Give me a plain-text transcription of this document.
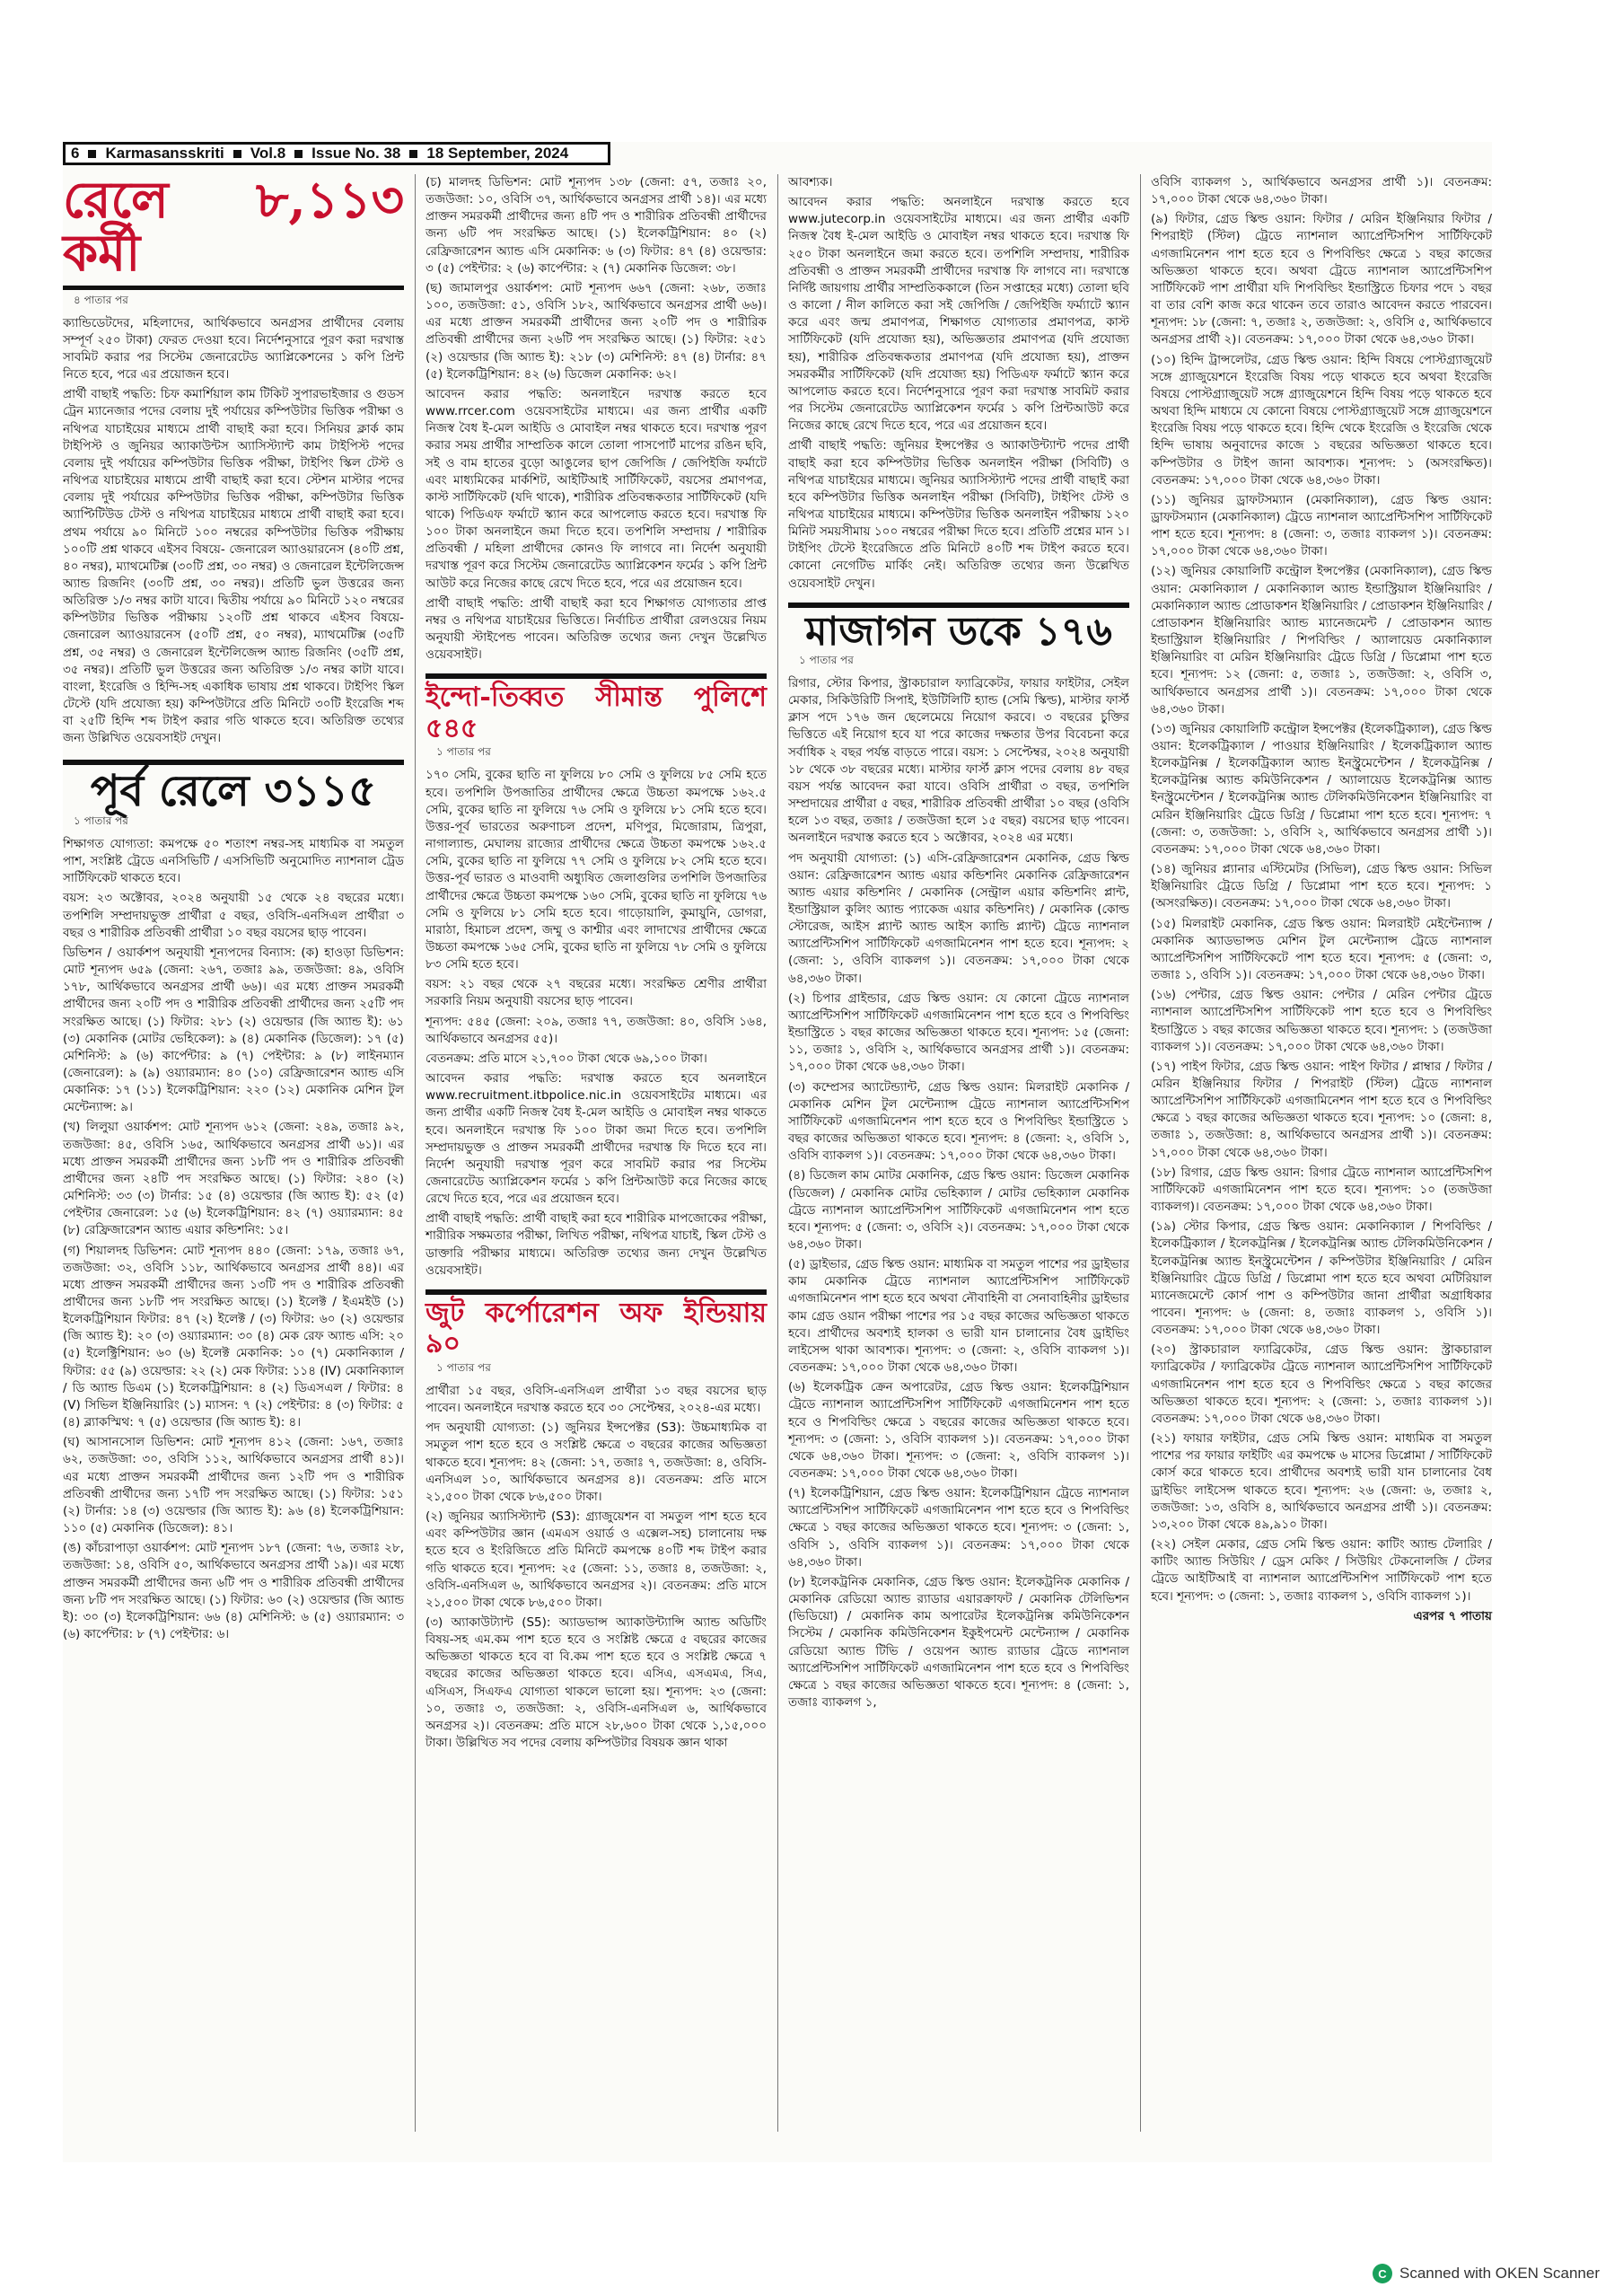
6 Karmasansskriti Vol.8 Issue No. 38 18 September, 2024
রেলে ৮,১১৩ কর্মী
৪ পাতার পর

ক্যান্ডিডেটদের, মহিলাদের, আর্থিকভাবে অনগ্রসর প্রার্থীদের বেলায় সম্পূর্ণ ২৫০ টাকা) ফেরত দেওয়া হবে। নির্দেশনুসারে পূরণ করা দরখাস্ত সাবমিট করার পর সিস্টেম জেনারেটেড অ্যাপ্লিকেশনের ১ কপি প্রিন্ট নিতে হবে, পরে এর প্রয়োজন হবে।

প্রার্থী বাছাই পদ্ধতি: চিফ কমার্শিয়াল কাম টিকিট সুপারভাইজার ও গুডস ট্রেন ম্যানেজার পদের বেলায় দুই পর্যায়ের কম্পিউটার ভিত্তিক পরীক্ষা ও নথিপত্র যাচাইয়ের মাধ্যমে প্রার্থী বাছাই করা হবে। সিনিয়র ক্লার্ক কাম টাইপিস্ট ও জুনিয়র অ্যাকাউন্টস অ্যাসিস্ট্যান্ট কাম টাইপিস্ট পদের বেলায় দুই পর্যায়ের কম্পিউটার ভিত্তিক পরীক্ষা, টাইপিং স্কিল টেস্ট ও নথিপত্র যাচাইয়ের মাধ্যমে প্রার্থী বাছাই করা হবে। স্টেশন মাস্টার পদের বেলায় দুই পর্যায়ের কম্পিউটার ভিত্তিক পরীক্ষা, কম্পিউটার ভিত্তিক অ্যাপ্টিটিউড টেস্ট ও নথিপত্র যাচাইয়ের মাধ্যমে প্রার্থী বাছাই করা হবে। প্রথম পর্যায়ে ৯০ মিনিটে ১০০ নম্বরের কম্পিউটার ভিত্তিক পরীক্ষায় ১০০টি প্রশ্ন থাকবে এইসব বিষয়ে- জেনারেল অ্যাওয়ারনেস (৪০টি প্রশ্ন, ৪০ নম্বর), ম্যাথমেটিক্স (৩০টি প্রশ্ন, ৩০ নম্বর) ও জেনারেল ইন্টেলিজেন্স অ্যান্ড রিজনিং (৩০টি প্রশ্ন, ৩০ নম্বর)। প্রতিটি ভুল উত্তরের জন্য অতিরিক্ত ১/৩ নম্বর কাটা যাবে। দ্বিতীয় পর্যায়ে ৯০ মিনিটে ১২০ নম্বরের কম্পিউটার ভিত্তিক পরীক্ষায় ১২০টি প্রশ্ন থাকবে এইসব বিষয়ে- জেনারেল অ্যাওয়ারনেস (৫০টি প্রশ্ন, ৫০ নম্বর), ম্যাথমেটিক্স (৩৫টি প্রশ্ন, ৩৫ নম্বর) ও জেনারেল ইন্টেলিজেন্স অ্যান্ড রিজনিং (৩৫টি প্রশ্ন, ৩৫ নম্বর)। প্রতিটি ভুল উত্তরের জন্য অতিরিক্ত ১/৩ নম্বর কাটা যাবে। বাংলা, ইংরেজি ও হিন্দি-সহ একাধিক ভাষায় প্রশ্ন থাকবে। টাইপিং স্কিল টেস্টে (যদি প্রযোজ্য হয়) কম্পিউটারে প্রতি মিনিটে ৩০টি ইংরেজি শব্দ বা ২৫টি হিন্দি শব্দ টাইপ করার গতি থাকতে হবে। অতিরিক্ত তথ্যের জন্য উল্লিখিত ওয়েবসাইট দেখুন।

পূর্ব রেলে ৩১১৫
১ পাতার পর

শিক্ষাগত যোগ্যতা: কমপক্ষে ৫০ শতাংশ নম্বর-সহ মাধ্যমিক বা সমতুল পাশ, সংশ্লিষ্ট ট্রেডে এনসিভিটি / এসসিভিটি অনুমোদিত ন্যাশনাল ট্রেড সার্টিফিকেট থাকতে হবে।

বয়স: ২৩ অক্টোবর, ২০২৪ অনুযায়ী ১৫ থেকে ২৪ বছরের মধ্যে। তপশিলি সম্প্রদায়ভুক্ত প্রার্থীরা ৫ বছর, ওবিসি-এনসিএল প্রার্থীরা ৩ বছর ও শারীরিক প্রতিবন্ধী প্রার্থীরা ১০ বছর বয়সের ছাড় পাবেন।

ডিভিশন / ওয়ার্কশপ অনুযায়ী শূন্যপদের বিন্যাস: (ক) হাওড়া ডিভিশন: মোট শূন্যপদ ৬৫৯ (জেনা: ২৬৭, তজাঃ ৯৯, তজউজা: ৪৯, ওবিসি ১৭৮, আর্থিকভাবে অনগ্রসর প্রার্থী ৬৬)। এর মধ্যে প্রাক্তন সমরকর্মী প্রার্থীদের জন্য ২০টি পদ ও শারীরিক প্রতিবন্ধী প্রার্থীদের জন্য ২৫টি পদ সংরক্ষিত আছে। (১) ফিটার: ২৮১ (২) ওয়েল্ডার (জি অ্যান্ড ই): ৬১ (৩) মেকানিক (মোটর ভেহিকেল): ৯ (৪) মেকানিক (ডিজেল): ১৭ (৫) মেশিনিস্ট: ৯ (৬) কার্পেন্টার: ৯ (৭) পেইন্টার: ৯ (৮) লাইনম্যান (জেনারেল): ৯ (৯) ওয়্যারম্যান: ৪০ (১০) রেফ্রিজারেশন অ্যান্ড এসি মেকানিক: ১৭ (১১) ইলেকট্রিশিয়ান: ২২০ (১২) মেকানিক মেশিন টুল মেন্টেন্যান্স: ৯।

(খ) লিলুয়া ওয়ার্কশপ: মোট শূন্যপদ ৬১২ (জেনা: ২৪৯, তজাঃ ৯২, তজউজা: ৪৫, ওবিসি ১৬৫, আর্থিকভাবে অনগ্রসর প্রার্থী ৬১)। এর মধ্যে প্রাক্তন সমরকর্মী প্রার্থীদের জন্য ১৮টি পদ ও শারীরিক প্রতিবন্ধী প্রার্থীদের জন্য ২৪টি পদ সংরক্ষিত আছে। (১) ফিটার: ২৪০ (২) মেশিনিস্ট: ৩৩ (৩) টার্নার: ১৫ (৪) ওয়েল্ডার (জি অ্যান্ড ই): ৫২ (৫) পেইন্টার জেনারেল: ১৫ (৬) ইলেকট্রিশিয়ান: ৪২ (৭) ওয়্যারম্যান: ৪৫ (৮) রেফ্রিজারেশন অ্যান্ড এয়ার কন্ডিশনিং: ১৫।

(গ) শিয়ালদহ ডিভিশন: মোট শূন্যপদ ৪৪০ (জেনা: ১৭৯, তজাঃ ৬৭, তজউজা: ৩২, ওবিসি ১১৮, আর্থিকভাবে অনগ্রসর প্রার্থী ৪৪)। এর মধ্যে প্রাক্তন সমরকর্মী প্রার্থীদের জন্য ১৩টি পদ ও শারীরিক প্রতিবন্ধী প্রার্থীদের জন্য ১৮টি পদ সংরক্ষিত আছে। (১) ইলেক্ট / ইএমইউ (১) ইলেকট্রিশিয়ান ফিটার: ৪৭ (২) ইলেক্ট / (৩) ফিটার: ৬০ (২) ওয়েল্ডার (জি অ্যান্ড ই): ২০ (৩) ওয়্যারম্যান: ৩০ (৪) মেক রেফ অ্যান্ড এসি: ২০ (৫) ইলেক্ট্রিশিয়ান: ৬০ (৬) ইলেক্ট মেকানিক: ১০ (৭) মেকানিক্যাল / ফিটার: ৫৫ (৯) ওয়েল্ডার: ২২ (২) মেক ফিটার: ১১৪ (IV) মেকানিক্যাল / ডি অ্যান্ড ডিএম (১) ইলেকট্রিশিয়ান: ৪ (২) ডিএসএল / ফিটার: ৪ (V) সিভিল ইঞ্জিনিয়ারিং (১) ম্যাসন: ৭ (২) পেইন্টার: ৪ (৩) ফিটার: ৫ (৪) ব্ল্যাকস্মিথ: ৭ (৫) ওয়েল্ডার (জি অ্যান্ড ই): ৪।

(ঘ) আসানসোল ডিভিশন: মোট শূন্যপদ ৪১২ (জেনা: ১৬৭, তজাঃ ৬২, তজউজা: ৩০, ওবিসি ১১২, আর্থিকভাবে অনগ্রসর প্রার্থী ৪১)। এর মধ্যে প্রাক্তন সমরকর্মী প্রার্থীদের জন্য ১২টি পদ ও শারীরিক প্রতিবন্ধী প্রার্থীদের জন্য ১৭টি পদ সংরক্ষিত আছে। (১) ফিটার: ১৫১ (২) টার্নার: ১৪ (৩) ওয়েল্ডার (জি অ্যান্ড ই): ৯৬ (৪) ইলেকট্রিশিয়ান: ১১০ (৫) মেকানিক (ডিজেল): ৪১।

(ঙ) কাঁচরাপাড়া ওয়ার্কশপ: মোট শূন্যপদ ১৮৭ (জেনা: ৭৬, তজাঃ ২৮, তজউজা: ১৪, ওবিসি ৫০, আর্থিকভাবে অনগ্রসর প্রার্থী ১৯)। এর মধ্যে প্রাক্তন সমরকর্মী প্রার্থীদের জন্য ৬টি পদ ও শারীরিক প্রতিবন্ধী প্রার্থীদের জন্য ৮টি পদ সংরক্ষিত আছে। (১) ফিটার: ৬০ (২) ওয়েল্ডার (জি অ্যান্ড ই): ৩০ (৩) ইলেকট্রিশিয়ান: ৬৬ (৪) মেশিনিস্ট: ৬ (৫) ওয়্যারম্যান: ৩ (৬) কার্পেন্টার: ৮ (৭) পেইন্টার: ৬।

(চ) মালদহ ডিভিশন: মোট শূন্যপদ ১৩৮ (জেনা: ৫৭, তজাঃ ২০, তজউজা: ১০, ওবিসি ৩৭, আর্থিকভাবে অনগ্রসর প্রার্থী ১৪)। এর মধ্যে প্রাক্তন সমরকর্মী প্রার্থীদের জন্য ৪টি পদ ও শারীরিক প্রতিবন্ধী প্রার্থীদের জন্য ৬টি পদ সংরক্ষিত আছে। (১) ইলেকট্রিশিয়ান: ৪০ (২) রেফ্রিজারেশন অ্যান্ড এসি মেকানিক: ৬ (৩) ফিটার: ৪৭ (৪) ওয়েল্ডার: ৩ (৫) পেইন্টার: ২ (৬) কার্পেন্টার: ২ (৭) মেকানিক ডিজেল: ৩৮।

(ছ) জামালপুর ওয়ার্কশপ: মোট শূন্যপদ ৬৬৭ (জেনা: ২৬৮, তজাঃ ১০০, তজউজা: ৫১, ওবিসি ১৮২, আর্থিকভাবে অনগ্রসর প্রার্থী ৬৬)। এর মধ্যে প্রাক্তন সমরকর্মী প্রার্থীদের জন্য ২০টি পদ ও শারীরিক প্রতিবন্ধী প্রার্থীদের জন্য ২৬টি পদ সংরক্ষিত আছে। (১) ফিটার: ২৫১ (২) ওয়েল্ডার (জি অ্যান্ড ই): ২১৮ (৩) মেশিনিস্ট: ৪৭ (৪) টার্নার: ৪৭ (৫) ইলেকট্রিশিয়ান: ৪২ (৬) ডিজেল মেকানিক: ৬২।

আবেদন করার পদ্ধতি: অনলাইনে দরখাস্ত করতে হবে www.rrcer.com ওয়েবসাইটের মাধ্যমে। এর জন্য প্রার্থীর একটি নিজস্ব বৈধ ই-মেল আইডি ও মোবাইল নম্বর থাকতে হবে। দরখাস্ত পূরণ করার সময় প্রার্থীর সাম্প্রতিক কালে তোলা পাসপোর্ট মাপের রঙিন ছবি, সই ও বাম হাতের বুড়ো আঙুলের ছাপ জেপিজি / জেপিইজি ফর্মাটে এবং মাধ্যমিকের মার্কশিট, আইটিআই সার্টিফিকেট, বয়সের প্রমাণপত্র, কাস্ট সার্টিফিকেট (যদি থাকে), শারীরিক প্রতিবন্ধকতার সার্টিফিকেট (যদি থাকে) পিডিএফ ফর্মাটে স্ক্যান করে আপলোড করতে হবে। দরখাস্ত ফি ১০০ টাকা অনলাইনে জমা দিতে হবে। তপশিলি সম্প্রদায় / শারীরিক প্রতিবন্ধী / মহিলা প্রার্থীদের কোনও ফি লাগবে না। নির্দেশ অনুযায়ী দরখাস্ত পূরণ করে সিস্টেম জেনারেটেড অ্যাপ্লিকেশন ফর্মের ১ কপি প্রিন্ট আউট করে নিজের কাছে রেখে দিতে হবে, পরে এর প্রয়োজন হবে।

প্রার্থী বাছাই পদ্ধতি: প্রার্থী বাছাই করা হবে শিক্ষাগত যোগ্যতার প্রাপ্ত নম্বর ও নথিপত্র যাচাইয়ের ভিত্তিতে। নির্বাচিত প্রার্থীরা রেলওয়ের নিয়ম অনুযায়ী স্টাইপেন্ড পাবেন। অতিরিক্ত তথ্যের জন্য দেখুন উল্লেখিত ওয়েবসাইট।

ইন্দো-তিব্বত সীমান্ত পুলিশে ৫৪৫
১ পাতার পর

১৭০ সেমি, বুকের ছাতি না ফুলিয়ে ৮০ সেমি ও ফুলিয়ে ৮৫ সেমি হতে হবে। তপশিলি উপজাতির প্রার্থীদের ক্ষেত্রে উচ্চতা কমপক্ষে ১৬২.৫ সেমি, বুকের ছাতি না ফুলিয়ে ৭৬ সেমি ও ফুলিয়ে ৮১ সেমি হতে হবে। উত্তর-পূর্ব ভারতের অরুণাচল প্রদেশ, মণিপুর, মিজোরাম, ত্রিপুরা, নাগাল্যান্ড, মেঘালয় রাজ্যের প্রার্থীদের ক্ষেত্রে উচ্চতা কমপক্ষে ১৬২.৫ সেমি, বুকের ছাতি না ফুলিয়ে ৭৭ সেমি ও ফুলিয়ে ৮২ সেমি হতে হবে। উত্তর-পূর্ব ভারত ও মাওবাদী অধ্যুষিত জেলাগুলির তপশিলি উপজাতির প্রার্থীদের ক্ষেত্রে উচ্চতা কমপক্ষে ১৬০ সেমি, বুকের ছাতি না ফুলিয়ে ৭৬ সেমি ও ফুলিয়ে ৮১ সেমি হতে হবে। গাড়োয়ালি, কুমায়ুনি, ডোগরা, মারাঠা, হিমাচল প্রদেশ, জম্মু ও কাশ্মীর এবং লাদাখের প্রার্থীদের ক্ষেত্রে উচ্চতা কমপক্ষে ১৬৫ সেমি, বুকের ছাতি না ফুলিয়ে ৭৮ সেমি ও ফুলিয়ে ৮৩ সেমি হতে হবে।

বয়স: ২১ বছর থেকে ২৭ বছরের মধ্যে। সংরক্ষিত শ্রেণীর প্রার্থীরা সরকারি নিয়ম অনুযায়ী বয়সের ছাড় পাবেন।

শূন্যপদ: ৫৪৫ (জেনা: ২০৯, তজাঃ ৭৭, তজউজা: ৪০, ওবিসি ১৬৪, আর্থিকভাবে অনগ্রসর ৫৫)।

বেতনক্রম: প্রতি মাসে ২১,৭০০ টাকা থেকে ৬৯,১০০ টাকা।

আবেদন করার পদ্ধতি: দরখাস্ত করতে হবে অনলাইনে www.recruitment.itbpolice.nic.in ওয়েবসাইটের মাধ্যমে। এর জন্য প্রার্থীর একটি নিজস্ব বৈধ ই-মেল আইডি ও মোবাইল নম্বর থাকতে হবে। অনলাইনে দরখাস্ত ফি ১০০ টাকা জমা দিতে হবে। তপশিলি সম্প্রদায়ভুক্ত ও প্রাক্তন সমরকর্মী প্রার্থীদের দরখাস্ত ফি দিতে হবে না। নির্দেশ অনুযায়ী দরখাস্ত পূরণ করে সাবমিট করার পর সিস্টেম জেনারেটেড অ্যাপ্লিকেশন ফর্মের ১ কপি প্রিন্টআউট করে নিজের কাছে রেখে দিতে হবে, পরে এর প্রয়োজন হবে।

প্রার্থী বাছাই পদ্ধতি: প্রার্থী বাছাই করা হবে শারীরিক মাপজোকের পরীক্ষা, শারীরিক সক্ষমতার পরীক্ষা, লিখিত পরীক্ষা, নথিপত্র যাচাই, স্কিল টেস্ট ও ডাক্তারি পরীক্ষার মাধ্যমে। অতিরিক্ত তথ্যের জন্য দেখুন উল্লেখিত ওয়েবসাইট।

জুট কর্পোরেশন অফ ইন্ডিয়ায় ৯০
১ পাতার পর

প্রার্থীরা ১৫ বছর, ওবিসি-এনসিএল প্রার্থীরা ১৩ বছর বয়সের ছাড় পাবেন। অনলাইনে দরখাস্ত করতে হবে ৩০ সেপ্টেম্বর, ২০২৪-এর মধ্যে।

পদ অনুযায়ী যোগ্যতা: (১) জুনিয়র ইন্সপেক্টর (S3): উচ্চমাধ্যমিক বা সমতুল পাশ হতে হবে ও সংশ্লিষ্ট ক্ষেত্রে ৩ বছরের কাজের অভিজ্ঞতা থাকতে হবে। শূন্যপদ: ৪২ (জেনা: ১৭, তজাঃ ৭, তজউজা: ৪, ওবিসি-এনসিএল ১০, আর্থিকভাবে অনগ্রসর ৪)। বেতনক্রম: প্রতি মাসে ২১,৫০০ টাকা থেকে ৮৬,৫০০ টাকা।

(২) জুনিয়র অ্যাসিস্ট্যান্ট (S3): গ্র্যাজুয়েশন বা সমতুল পাশ হতে হবে এবং কম্পিউটার জ্ঞান (এমএস ওয়ার্ড ও এক্সেল-সহ) চালানোয় দক্ষ হতে হবে ও ইংরিজিতে প্রতি মিনিটে কমপক্ষে ৪০টি শব্দ টাইপ করার গতি থাকতে হবে। শূন্যপদ: ২৫ (জেনা: ১১, তজাঃ ৪, তজউজা: ২, ওবিসি-এনসিএল ৬, আর্থিকভাবে অনগ্রসর ২)। বেতনক্রম: প্রতি মাসে ২১,৫০০ টাকা থেকে ৮৬,৫০০ টাকা।

(৩) অ্যাকাউট্যান্ট (S5): অ্যাডভান্স অ্যাকাউন্ট্যান্সি অ্যান্ড অডিটিং বিষয়-সহ এম.কম পাশ হতে হবে ও সংশ্লিষ্ট ক্ষেত্রে ৫ বছরের কাজের অভিজ্ঞতা থাকতে হবে বা বি.কম পাশ হতে হবে ও সংশ্লিষ্ট ক্ষেত্রে ৭ বছরের কাজের অভিজ্ঞতা থাকতে হবে। এসিএ, এসএমএ, সিএ, এসিএস, সিএফএ যোগ্যতা থাকলে ভালো হয়। শূন্যপদ: ২৩ (জেনা: ১০, তজাঃ ৩, তজউজা: ২, ওবিসি-এনসিএল ৬, আর্থিকভাবে অনগ্রসর ২)। বেতনক্রম: প্রতি মাসে ২৮,৬০০ টাকা থেকে ১,১৫,০০০ টাকা। উল্লিখিত সব পদের বেলায় কম্পিউটার বিষয়ক জ্ঞান থাকা

আবশ্যক।

আবেদন করার পদ্ধতি: অনলাইনে দরখাস্ত করতে হবে www.jutecorp.in ওয়েবসাইটের মাধ্যমে। এর জন্য প্রার্থীর একটি নিজস্ব বৈধ ই-মেল আইডি ও মোবাইল নম্বর থাকতে হবে। দরখাস্ত ফি ২৫০ টাকা অনলাইনে জমা করতে হবে। তপশিলি সম্প্রদায়, শারীরিক প্রতিবন্ধী ও প্রাক্তন সমরকর্মী প্রার্থীদের দরখাস্ত ফি লাগবে না। দরখাস্তে নির্দিষ্ট জায়গায় প্রার্থীর সাম্প্রতিককালে (তিন সপ্তাহের মধ্যে) তোলা ছবি ও কালো / নীল কালিতে করা সই জেপিজি / জেপিইজি ফর্ম্যাটে স্ক্যান করে এবং জন্ম প্রমাণপত্র, শিক্ষাগত যোগ্যতার প্রমাণপত্র, কাস্ট সার্টিফিকেট (যদি প্রযোজ্য হয়), অভিজ্ঞতার প্রমাণপত্র (যদি প্রযোজ্য হয়), শারীরিক প্রতিবন্ধকতার প্রমাণপত্র (যদি প্রযোজ্য হয়), প্রাক্তন সমরকর্মীর সার্টিফিকেট (যদি প্রযোজ্য হয়) পিডিএফ ফর্মাটে স্ক্যান করে আপলোড করতে হবে। নির্দেশনুসারে পূরণ করা দরখাস্ত সাবমিট করার পর সিস্টেম জেনারেটেড অ্যাপ্লিকেশন ফর্মের ১ কপি প্রিন্টআউট করে নিজের কাছে রেখে দিতে হবে, পরে এর প্রয়োজন হবে।

প্রার্থী বাছাই পদ্ধতি: জুনিয়র ইন্সপেক্টর ও অ্যাকাউন্ট্যান্ট পদের প্রার্থী বাছাই করা হবে কম্পিউটার ভিত্তিক অনলাইন পরীক্ষা (সিবিটি) ও নথিপত্র যাচাইয়ের মাধ্যমে। জুনিয়র অ্যাসিস্ট্যান্ট পদের প্রার্থী বাছাই করা হবে কম্পিউটার ভিত্তিক অনলাইন পরীক্ষা (সিবিটি), টাইপিং টেস্ট ও নথিপত্র যাচাইয়ের মাধ্যমে। কম্পিউটার ভিত্তিক অনলাইন পরীক্ষায় ১২০ মিনিট সময়সীমায় ১০০ নম্বরের পরীক্ষা দিতে হবে। প্রতিটি প্রশ্নের মান ১। টাইপিং টেস্টে ইংরেজিতে প্রতি মিনিটে ৪০টি শব্দ টাইপ করতে হবে। কোনো নেগেটিভ মার্কিং নেই। অতিরিক্ত তথ্যের জন্য উল্লেখিত ওয়েবসাইট দেখুন।

মাজাগন ডকে ১৭৬
১ পাতার পর

রিগার, স্টোর কিপার, স্ট্রাকচারাল ফ্যাব্রিকেটর, ফায়ার ফাইটার, সেইল মেকার, সিকিউরিটি সিপাই, ইউটিলিটি হ্যান্ড (সেমি স্কিল্ড), মাস্টার ফার্স্ট ক্লাস পদে ১৭৬ জন ছেলেমেয়ে নিয়োগ করবে। ৩ বছরের চুক্তির ভিত্তিতে এই নিয়োগ হবে যা পরে কাজের দক্ষতার উপর বিবেচনা করে সর্বাধিক ২ বছর পর্যন্ত বাড়তে পারে। বয়স: ১ সেপ্টেম্বর, ২০২৪ অনুযায়ী ১৮ থেকে ৩৮ বছরের মধ্যে। মাস্টার ফার্স্ট ক্লাস পদের বেলায় ৪৮ বছর বয়স পর্যন্ত আবেদন করা যাবে। ওবিসি প্রার্থীরা ৩ বছর, তপশিলি সম্প্রদায়ের প্রার্থীরা ৫ বছর, শারীরিক প্রতিবন্ধী প্রার্থীরা ১০ বছর (ওবিসি হলে ১৩ বছর, তজাঃ / তজউজা হলে ১৫ বছর) বয়সের ছাড় পাবেন। অনলাইনে দরখাস্ত করতে হবে ১ অক্টোবর, ২০২৪ এর মধ্যে।

পদ অনুযায়ী যোগ্যতা: (১) এসি-রেফ্রিজারেশন মেকানিক, গ্রেড স্কিল্ড ওয়ান: রেফ্রিজারেশন অ্যান্ড এয়ার কন্ডিশনিং মেকানিক রেফ্রিজারেশন অ্যান্ড এয়ার কন্ডিশনিং / মেকানিক (সেন্ট্রাল এয়ার কন্ডিশনিং প্লান্ট, ইন্ডাস্ট্রিয়াল কুলিং অ্যান্ড প্যাকেজ এয়ার কন্ডিশনিং) / মেকানিক (কোল্ড স্টোরেজ, আইস প্ল্যান্ট অ্যান্ড আইস ক্যান্ডি প্ল্যান্ট) ট্রেডে ন্যাশনাল অ্যাপ্রেন্টিসশিপ সার্টিফিকেট এগজামিনেশন পাশ হতে হবে। শূন্যপদ: ২ (জেনা: ১, ওবিসি ব্যাকলগ ১)। বেতনক্রম: ১৭,০০০ টাকা থেকে ৬৪,৩৬০ টাকা।

(২) চিপার গ্রাইন্ডার, গ্রেড স্কিল্ড ওয়ান: যে কোনো ট্রেডে ন্যাশনাল অ্যাপ্রেন্টিসশিপ সার্টিফিকেট এগজামিনেশন পাশ হতে হবে ও শিপবিল্ডিং ইন্ডাস্ট্রিতে ১ বছর কাজের অভিজ্ঞতা থাকতে হবে। শূন্যপদ: ১৫ (জেনা: ১১, তজাঃ ১, ওবিসি ২, আর্থিকভাবে অনগ্রসর প্রার্থী ১)। বেতনক্রম: ১৭,০০০ টাকা থেকে ৬৪,৩৬০ টাকা।

(৩) কম্প্রেসর অ্যাটেন্ড্যান্ট, গ্রেড স্কিল্ড ওয়ান: মিলরাইট মেকানিক / মেকানিক মেশিন টুল মেন্টেন্যান্স ট্রেডে ন্যাশনাল অ্যাপ্রেন্টিসশিপ সার্টিফিকেট এগজামিনেশন পাশ হতে হবে ও শিপবিল্ডিং ইন্ডাস্ট্রিতে ১ বছর কাজের অভিজ্ঞতা থাকতে হবে। শূন্যপদ: ৪ (জেনা: ২, ওবিসি ১, ওবিসি ব্যাকলগ ১)। বেতনক্রম: ১৭,০০০ টাকা থেকে ৬৪,৩৬০ টাকা।

(৪) ডিজেল কাম মোটর মেকানিক, গ্রেড স্কিল্ড ওয়ান: ডিজেল মেকানিক (ডিজেল) / মেকানিক মোটর ভেহিক্যাল / মোটর ভেহিক্যাল মেকানিক ট্রেডে ন্যাশনাল অ্যাপ্রেন্টিসশিপ সার্টিফিকেট এগজামিনেশন পাশ হতে হবে। শূন্যপদ: ৫ (জেনা: ৩, ওবিসি ২)। বেতনক্রম: ১৭,০০০ টাকা থেকে ৬৪,৩৬০ টাকা।

(৫) ড্রাইভার, গ্রেড স্কিল্ড ওয়ান: মাধ্যমিক বা সমতুল পাশের পর ড্রাইভার কাম মেকানিক ট্রেডে ন্যাশনাল অ্যাপ্রেন্টিসশিপ সার্টিফিকেট এগজামিনেশন পাশ হতে হবে অথবা নৌবাহিনী বা সেনাবাহিনীর ড্রাইভার কাম গ্রেড ওয়ান পরীক্ষা পাশের পর ১৫ বছর কাজের অভিজ্ঞতা থাকতে হবে। প্রার্থীদের অবশ্যই হালকা ও ভারী যান চালানোর বৈধ ড্রাইভিং লাইসেন্স থাকা আবশ্যক। শূন্যপদ: ৩ (জেনা: ২, ওবিসি ব্যাকলগ ১)। বেতনক্রম: ১৭,০০০ টাকা থেকে ৬৪,৩৬০ টাকা।

(৬) ইলেকট্রিক ক্রেন অপারেটর, গ্রেড স্কিল্ড ওয়ান: ইলেকট্রিশিয়ান ট্রেডে ন্যাশনাল অ্যাপ্রেন্টিসশিপ সার্টিফিকেট এগজামিনেশন পাশ হতে হবে ও শিপবিল্ডিং ক্ষেত্রে ১ বছরের কাজের অভিজ্ঞতা থাকতে হবে। শূন্যপদ: ৩ (জেনা: ১, ওবিসি ব্যাকলগ ১)। বেতনক্রম: ১৭,০০০ টাকা থেকে ৬৪,৩৬০ টাকা। শূন্যপদ: ৩ (জেনা: ২, ওবিসি ব্যাকলগ ১)। বেতনক্রম: ১৭,০০০ টাকা থেকে ৬৪,৩৬০ টাকা।

(৭) ইলেকট্রিশিয়ান, গ্রেড স্কিল্ড ওয়ান: ইলেকট্রিশিয়ান ট্রেডে ন্যাশনাল অ্যাপ্রেন্টিসশিপ সার্টিফিকেট এগজামিনেশন পাশ হতে হবে ও শিপবিল্ডিং ক্ষেত্রে ১ বছর কাজের অভিজ্ঞতা থাকতে হবে। শূন্যপদ: ৩ (জেনা: ১, ওবিসি ১, ওবিসি ব্যাকলগ ১)। বেতনক্রম: ১৭,০০০ টাকা থেকে ৬৪,৩৬০ টাকা।

(৮) ইলেকট্রনিক মেকানিক, গ্রেড স্কিল্ড ওয়ান: ইলেকট্রনিক মেকানিক / মেকানিক রেডিয়ো অ্যান্ড র‍্যাডার এয়ারক্রাফট / মেকানিক টেলিভিশন (ভিডিয়ো) / মেকানিক কাম অপারেটর ইলেকট্রনিক্স কমিউনিকেশন সিস্টেম / মেকানিক কমিউনিকেশন ইকুইপমেন্ট মেন্টেন্যান্স / মেকানিক রেডিয়ো অ্যান্ড টিভি / ওয়েপন অ্যান্ড র‍্যাডার ট্রেডে ন্যাশনাল অ্যাপ্রেন্টিসশিপ সার্টিফিকেট এগজামিনেশন পাশ হতে হবে ও শিপবিল্ডিং ক্ষেত্রে ১ বছর কাজের অভিজ্ঞতা থাকতে হবে। শূন্যপদ: ৪ (জেনা: ১, তজাঃ ব্যাকলগ ১,

ওবিসি ব্যাকলগ ১, আর্থিকভাবে অনগ্রসর প্রার্থী ১)। বেতনক্রম: ১৭,০০০ টাকা থেকে ৬৪,৩৬০ টাকা।

(৯) ফিটার, গ্রেড স্কিল্ড ওয়ান: ফিটার / মেরিন ইঞ্জিনিয়ার ফিটার / শিপরাইট (স্টিল) ট্রেডে ন্যাশনাল অ্যাপ্রেন্টিসশিপ সার্টিফিকেট এগজামিনেশন পাশ হতে হবে ও শিপবিল্ডিং ক্ষেত্রে ১ বছর কাজের অভিজ্ঞতা থাকতে হবে। অথবা ট্রেডে ন্যাশনাল অ্যাপ্রেন্টিসশিপ সার্টিফিকেট পাশ প্রার্থীরা যদি শিপবিল্ডিং ইন্ডাস্ট্রিতে চিফার পদে ১ বছর বা তার বেশি কাজ করে থাকেন তবে তারাও আবেদন করতে পারবেন। শূন্যপদ: ১৮ (জেনা: ৭, তজাঃ ২, তজউজা: ২, ওবিসি ৫, আর্থিকভাবে অনগ্রসর প্রার্থী ২)। বেতনক্রম: ১৭,০০০ টাকা থেকে ৬৪,৩৬০ টাকা।

(১০) হিন্দি ট্রান্সলেটর, গ্রেড স্কিল্ড ওয়ান: হিন্দি বিষয়ে পোস্টগ্র্যাজুয়েট সঙ্গে গ্র্যাজুয়েশনে ইংরেজি বিষয় পড়ে থাকতে হবে অথবা ইংরেজি বিষয়ে পোস্টগ্র্যাজুয়েট সঙ্গে গ্র্যাজুয়েশনে হিন্দি বিষয় পড়ে থাকতে হবে অথবা হিন্দি মাধ্যমে যে কোনো বিষয়ে পোস্টগ্র্যাজুয়েট সঙ্গে গ্র্যাজুয়েশনে ইংরেজি বিষয় পড়ে থাকতে হবে। হিন্দি থেকে ইংরেজি ও ইংরেজি থেকে হিন্দি ভাষায় অনুবাদের কাজে ১ বছরের অভিজ্ঞতা থাকতে হবে। কম্পিউটার ও টাইপ জানা আবশ্যক। শূন্যপদ: ১ (অসংরক্ষিত)। বেতনক্রম: ১৭,০০০ টাকা থেকে ৬৪,৩৬০ টাকা।

(১১) জুনিয়র ড্রাফটসম্যান (মেকানিক্যাল), গ্রেড স্কিল্ড ওয়ান: ড্রাফটসম্যান (মেকানিক্যাল) ট্রেডে ন্যাশনাল অ্যাপ্রেন্টিসশিপ সার্টিফিকেট পাশ হতে হবে। শূন্যপদ: ৪ (জেনা: ৩, তজাঃ ব্যাকলগ ১)। বেতনক্রম: ১৭,০০০ টাকা থেকে ৬৪,৩৬০ টাকা।

(১২) জুনিয়র কোয়ালিটি কন্ট্রোল ইন্সপেক্টর (মেকানিক্যাল), গ্রেড স্কিল্ড ওয়ান: মেকানিক্যাল / মেকানিক্যাল অ্যান্ড ইন্ডাস্ট্রিয়াল ইঞ্জিনিয়ারিং / মেকানিক্যাল অ্যান্ড প্রোডাকশন ইঞ্জিনিয়ারিং / প্রোডাকশন ইঞ্জিনিয়ারিং / প্রোডাকশন ইঞ্জিনিয়ারিং অ্যান্ড ম্যানেজমেন্ট / প্রোডাকশন অ্যান্ড ইন্ডাস্ট্রিয়াল ইঞ্জিনিয়ারিং / শিপবিল্ডিং / অ্যালায়েড মেকানিক্যাল ইঞ্জিনিয়ারিং বা মেরিন ইঞ্জিনিয়ারিং ট্রেডে ডিগ্রি / ডিপ্লোমা পাশ হতে হবে। শূন্যপদ: ১২ (জেনা: ৫, তজাঃ ১, তজউজা: ২, ওবিসি ৩, আর্থিকভাবে অনগ্রসর প্রার্থী ১)। বেতনক্রম: ১৭,০০০ টাকা থেকে ৬৪,৩৬০ টাকা।

(১৩) জুনিয়র কোয়ালিটি কন্ট্রোল ইন্সপেক্টর (ইলেকট্রিক্যাল), গ্রেড স্কিল্ড ওয়ান: ইলেকট্রিক্যাল / পাওয়ার ইঞ্জিনিয়ারিং / ইলেকট্রিক্যাল অ্যান্ড ইলেকট্রনিক্স / ইলেকট্রিক্যাল অ্যান্ড ইনস্ট্রুমেন্টেশন / ইলেকট্রনিক্স / ইলেকট্রনিক্স অ্যান্ড কমিউনিকেশন / অ্যালায়েড ইলেকট্রনিক্স অ্যান্ড ইনস্ট্রুমেন্টেশন / ইলেকট্রনিক্স অ্যান্ড টেলিকমিউনিকেশন ইঞ্জিনিয়ারিং বা মেরিন ইঞ্জিনিয়ারিং ট্রেডে ডিগ্রি / ডিপ্লোমা পাশ হতে হবে। শূন্যপদ: ৭ (জেনা: ৩, তজউজা: ১, ওবিসি ২, আর্থিকভাবে অনগ্রসর প্রার্থী ১)। বেতনক্রম: ১৭,০০০ টাকা থেকে ৬৪,৩৬০ টাকা।

(১৪) জুনিয়র প্ল্যানার এস্টিমেটর (সিভিল), গ্রেড স্কিল্ড ওয়ান: সিভিল ইঞ্জিনিয়ারিং ট্রেডে ডিগ্রি / ডিপ্লোমা পাশ হতে হবে। শূন্যপদ: ১ (অসংরক্ষিত)। বেতনক্রম: ১৭,০০০ টাকা থেকে ৬৪,৩৬০ টাকা।

(১৫) মিলরাইট মেকানিক, গ্রেড স্কিল্ড ওয়ান: মিলরাইট মেইন্টেন্যান্স / মেকানিক অ্যাডভান্সড মেশিন টুল মেন্টেন্যান্স ট্রেডে ন্যাশনাল অ্যাপ্রেন্টিসশিপ সার্টিফিকেটে পাশ হতে হবে। শূন্যপদ: ৫ (জেনা: ৩, তজাঃ ১, ওবিসি ১)। বেতনক্রম: ১৭,০০০ টাকা থেকে ৬৪,৩৬০ টাকা।

(১৬) পেন্টার, গ্রেড স্কিল্ড ওয়ান: পেন্টার / মেরিন পেন্টার ট্রেডে ন্যাশনাল অ্যাপ্রেন্টিসশিপ সার্টিফিকেট পাশ হতে হবে ও শিপবিল্ডিং ইন্ডাস্ট্রিতে ১ বছর কাজের অভিজ্ঞতা থাকতে হবে। শূন্যপদ: ১ (তজউজা ব্যাকলগ ১)। বেতনক্রম: ১৭,০০০ টাকা থেকে ৬৪,৩৬০ টাকা।

(১৭) পাইপ ফিটার, গ্রেড স্কিল্ড ওয়ান: পাইপ ফিটার / প্লাম্বার / ফিটার / মেরিন ইঞ্জিনিয়ার ফিটার / শিপরাইট (স্টিল) ট্রেডে ন্যাশনাল অ্যাপ্রেন্টিসশিপ সার্টিফিকেট এগজামিনেশন পাশ হতে হবে ও শিপবিল্ডিং ক্ষেত্রে ১ বছর কাজের অভিজ্ঞতা থাকতে হবে। শূন্যপদ: ১০ (জেনা: ৪, তজাঃ ১, তজউজা: ৪, আর্থিকভাবে অনগ্রসর প্রার্থী ১)। বেতনক্রম: ১৭,০০০ টাকা থেকে ৬৪,৩৬০ টাকা।

(১৮) রিগার, গ্রেড স্কিল্ড ওয়ান: রিগার ট্রেডে ন্যাশনাল অ্যাপ্রেন্টিসশিপ সার্টিফিকেট এগজামিনেশন পাশ হতে হবে। শূন্যপদ: ১০ (তজউজা ব্যাকলগ)। বেতনক্রম: ১৭,০০০ টাকা থেকে ৬৪,৩৬০ টাকা।

(১৯) স্টোর কিপার, গ্রেড স্কিল্ড ওয়ান: মেকানিক্যাল / শিপবিল্ডিং / ইলেকট্রিক্যাল / ইলেকট্রনিক্স / ইলেকট্রনিক্স অ্যান্ড টেলিকমিউনিকেশন / ইলেকট্রনিক্স অ্যান্ড ইনস্ট্রুমেন্টেশন / কম্পিউটার ইঞ্জিনিয়ারিং / মেরিন ইঞ্জিনিয়ারিং ট্রেডে ডিগ্রি / ডিপ্লোমা পাশ হতে হবে অথবা মেটিরিয়াল ম্যানেজমেন্টে কোর্স পাশ ও কম্পিউটার জানা প্রার্থীরা অগ্রাধিকার পাবেন। শূন্যপদ: ৬ (জেনা: ৪, তজাঃ ব্যাকলগ ১, ওবিসি ১)। বেতনক্রম: ১৭,০০০ টাকা থেকে ৬৪,৩৬০ টাকা।

(২০) স্ট্রাকচারাল ফ্যাব্রিকেটর, গ্রেড স্কিল্ড ওয়ান: স্ট্রাকচারাল ফ্যাব্রিকেটর / ফ্যাব্রিকেটর ট্রেডে ন্যাশনাল অ্যাপ্রেন্টিসশিপ সার্টিফিকেট এগজামিনেশন পাশ হতে হবে ও শিপবিল্ডিং ক্ষেত্রে ১ বছর কাজের অভিজ্ঞতা থাকতে হবে। শূন্যপদ: ২ (জেনা: ১, তজাঃ ব্যাকলগ ১)। বেতনক্রম: ১৭,০০০ টাকা থেকে ৬৪,৩৬০ টাকা।

(২১) ফায়ার ফাইটার, গ্রেড সেমি স্কিল্ড ওয়ান: মাধ্যমিক বা সমতুল পাশের পর ফায়ার ফাইটিং এর কমপক্ষে ৬ মাসের ডিপ্লোমা / সার্টিফিকেট কোর্স করে থাকতে হবে। প্রার্থীদের অবশ্যই ভারী যান চালানোর বৈধ ড্রাইভিং লাইসেন্স থাকতে হবে। শূন্যপদ: ২৬ (জেনা: ৬, তজাঃ ২, তজউজা: ১৩, ওবিসি ৪, আর্থিকভাবে অনগ্রসর প্রার্থী ১)। বেতনক্রম: ১৩,২০০ টাকা থেকে ৪৯,৯১০ টাকা।

(২২) সেইল মেকার, গ্রেড সেমি স্কিল্ড ওয়ান: কাটিং অ্যান্ড টেলারিং / কাটিং অ্যান্ড সিউয়িং / ড্রেস মেকিং / সিউয়িং টেকনোলজি / টেলর ট্রেডে আইটিআই বা ন্যাশনাল অ্যাপ্রেন্টিসশিপ সার্টিফিকেট পাশ হতে হবে। শূন্যপদ: ৩ (জেনা: ১, তজাঃ ব্যাকলগ ১, ওবিসি ব্যাকলগ ১)।

এরপর ৭ পাতায়
C Scanned with OKEN Scanner
